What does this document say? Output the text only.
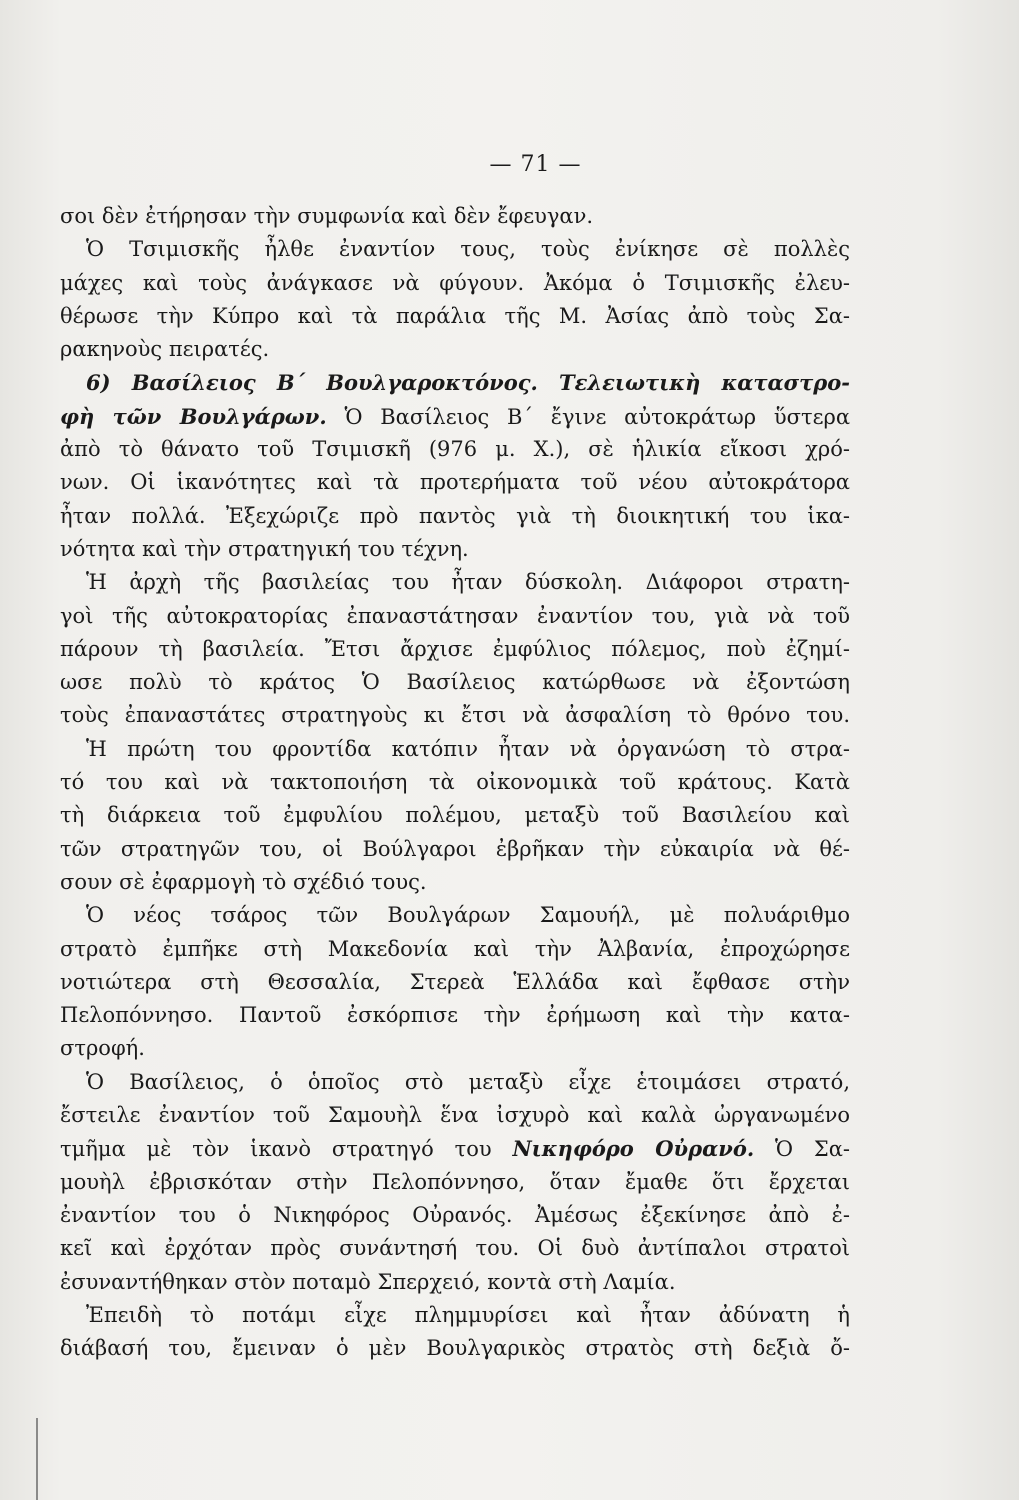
— 71 —
σοι δὲν ἐτήρησαν τὴν συμφωνία καὶ δὲν ἔφευγαν.
Ὁ Τσιμισκῆς ἦλθε ἐναντίον τους, τοὺς ἐνίκησε σὲ πολλὲς
μάχες καὶ τοὺς ἀνάγκασε νὰ φύγουν. Ἀκόμα ὁ Τσιμισκῆς ἐλευ-
θέρωσε τὴν Κύπρο καὶ τὰ παράλια τῆς Μ. Ἀσίας ἀπὸ τοὺς Σα-
ρακηνοὺς πειρατές.
6) Βασίλειος Β΄ Βουλγαροκτόνος. Τελειωτικὴ καταστρο-
φὴ τῶν Βουλγάρων. Ὁ Βασίλειος Β΄ ἔγινε αὐτοκράτωρ ὕστερα
ἀπὸ τὸ θάνατο τοῦ Τσιμισκῆ (976 μ. Χ.), σὲ ἡλικία εἴκοσι χρό-
νων. Οἱ ἱκανότητες καὶ τὰ προτερήματα τοῦ νέου αὐτοκράτορα
ἦταν πολλά. Ἐξεχώριζε πρὸ παντὸς γιὰ τὴ διοικητική του ἱκα-
νότητα καὶ τὴν στρατηγική του τέχνη.
Ἡ ἀρχὴ τῆς βασιλείας του ἦταν δύσκολη. Διάφοροι στρατη-
γοὶ τῆς αὐτοκρατορίας ἐπαναστάτησαν ἐναντίον του, γιὰ νὰ τοῦ
πάρουν τὴ βασιλεία. Ἔτσι ἄρχισε ἐμφύλιος πόλεμος, ποὺ ἐζημί-
ωσε πολὺ τὸ κράτος Ὁ Βασίλειος κατώρθωσε νὰ ἐξοντώση
τοὺς ἐπαναστάτες στρατηγοὺς κι ἔτσι νὰ ἀσφαλίση τὸ θρόνο του.
Ἡ πρώτη του φροντίδα κατόπιν ἦταν νὰ ὀργανώση τὸ στρα-
τό του καὶ νὰ τακτοποιήση τὰ οἰκονομικὰ τοῦ κράτους. Κατὰ
τὴ διάρκεια τοῦ ἐμφυλίου πολέμου, μεταξὺ τοῦ Βασιλείου καὶ
τῶν στρατηγῶν του, οἱ Βούλγαροι ἐβρῆκαν τὴν εὐκαιρία νὰ θέ-
σουν σὲ ἐφαρμογὴ τὸ σχέδιό τους.
Ὁ νέος τσάρος τῶν Βουλγάρων Σαμουήλ, μὲ πολυάριθμο
στρατὸ ἐμπῆκε στὴ Μακεδονία καὶ τὴν Ἀλβανία, ἐπροχώρησε
νοτιώτερα στὴ Θεσσαλία, Στερεὰ Ἑλλάδα καὶ ἔφθασε στὴν
Πελοπόννησο. Παντοῦ ἐσκόρπισε τὴν ἐρήμωση καὶ τὴν κατα-
στροφή.
Ὁ Βασίλειος, ὁ ὁποῖος στὸ μεταξὺ εἶχε ἑτοιμάσει στρατό,
ἔστειλε ἐναντίον τοῦ Σαμουὴλ ἕνα ἰσχυρὸ καὶ καλὰ ὠργανωμένο
τμῆμα μὲ τὸν ἱκανὸ στρατηγό του Νικηφόρο Οὐρανό. Ὁ Σα-
μουὴλ ἐβρισκόταν στὴν Πελοπόννησο, ὅταν ἔμαθε ὅτι ἔρχεται
ἐναντίον του ὁ Νικηφόρος Οὐρανός. Ἀμέσως ἐξεκίνησε ἀπὸ ἐ-
κεῖ καὶ ἐρχόταν πρὸς συνάντησή του. Οἱ δυὸ ἀντίπαλοι στρατοὶ
ἐσυναντήθηκαν στὸν ποταμὸ Σπερχειό, κοντὰ στὴ Λαμία.
Ἐπειδὴ τὸ ποτάμι εἶχε πλημμυρίσει καὶ ἦταν ἀδύνατη ἡ
διάβασή του, ἔμειναν ὁ μὲν Βουλγαρικὸς στρατὸς στὴ δεξιὰ ὄ-
